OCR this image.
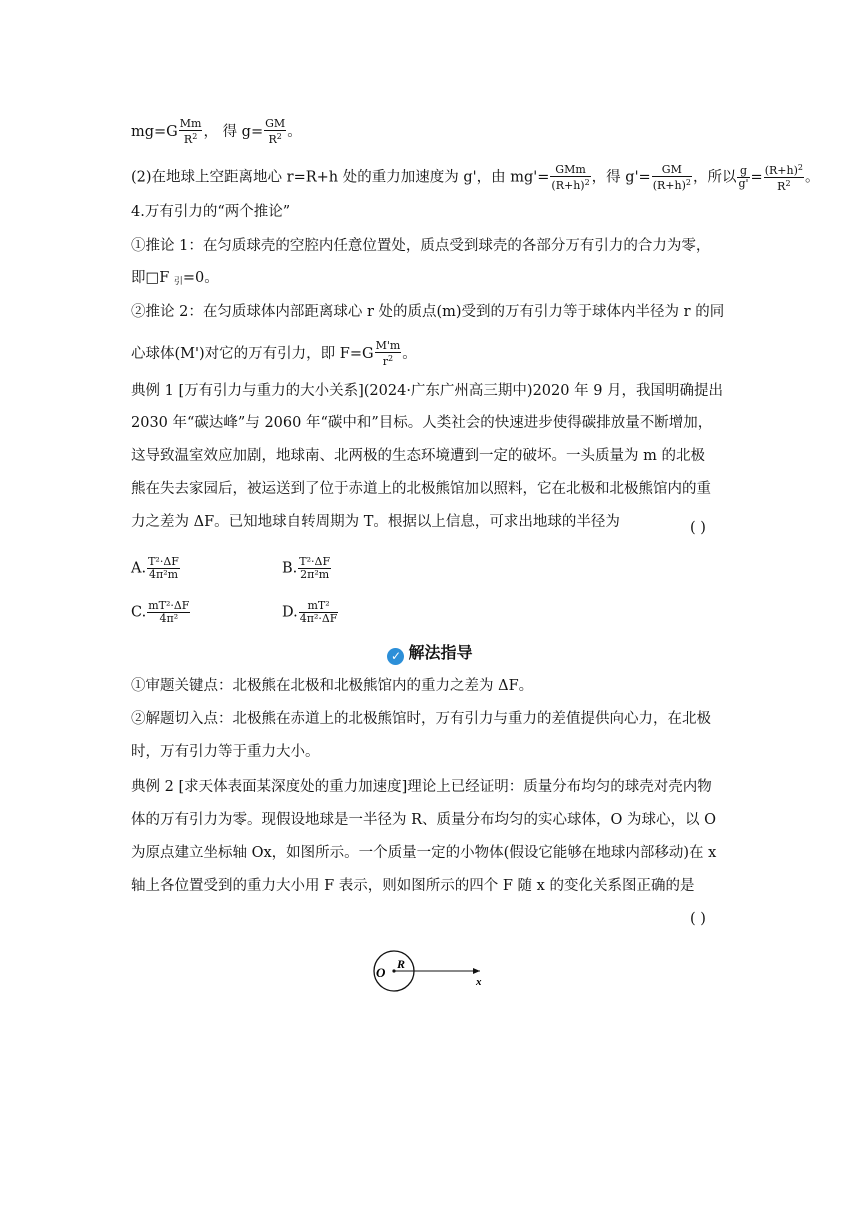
$mg=G \frac{Mm}{R^2}$ ， 得 $g= \frac{GM}{R^2}$ 。
(2)在地球上空距离地心 r=R+h 处的重力加速度为 g'，由 $mg'= \frac{\text{GMm}}{(R+h)^2}$ ，得 $g'= \frac{GM}{(R+h)^2}$ ，所以 $\frac{g}{g'} = \frac{(R+h)^2}{R^2}$ 。
4.万有引力的“两个推论”
①推论 1：在匀质球壳的空腔内任意位置处，质点受到球壳的各部分万有引力的合力为零，
即□F $_引$=0。
②推论 2：在匀质球体内部距离球心 r 处的质点(m)受到的万有引力等于球体内半径为 r 的同
心球体(M')对它的万有引力，即 $F=G \frac{M'm}{r^2}$ 。
典例 1 [万有引力与重力的大小关系](2024·广东广州高三期中)2020 年 9 月，我国明确提出
2030 年“碳达峰”与 2060 年“碳中和”目标。人类社会的快速进步使得碳排放量不断增加，
这导致温室效应加剧，地球南、北两极的生态环境遭到一定的破坏。一头质量为 m 的北极
熊在失去家园后，被运送到了位于赤道上的北极熊馆加以照料，它在北极和北极熊馆内的重
力之差为 ΔF。已知地球自转周期为 T。根据以上信息，可求出地球的半径为	( )
A. $\frac{\text{T²·ΔF}}{\text{4π²m}}$	B. $\frac{\text{T²·ΔF}}{\text{2π²m}}$
C. $\frac{\text{mT²·ΔF}}{\text{4π²}}$	D. $\frac{\text{mT²}}{\text{4π²·ΔF}}$
✓ 解法指导
①审题关键点：北极熊在北极和北极熊馆内的重力之差为 ΔF。
②解题切入点：北极熊在赤道上的北极熊馆时，万有引力与重力的差值提供向心力，在北极
时，万有引力等于重力大小。
典例 2 [求天体表面某深度处的重力加速度]理论上已经证明：质量分布均匀的球壳对壳内物
体的万有引力为零。现假设地球是一半径为 R、质量分布均匀的实心球体，O 为球心，以 O
为原点建立坐标轴 Ox，如图所示。一个质量一定的小物体(假设它能够在地球内部移动)在 x
轴上各位置受到的重力大小用 F 表示，则如图所示的四个 F 随 x 的变化关系图正确的是
( )
O
R
x
